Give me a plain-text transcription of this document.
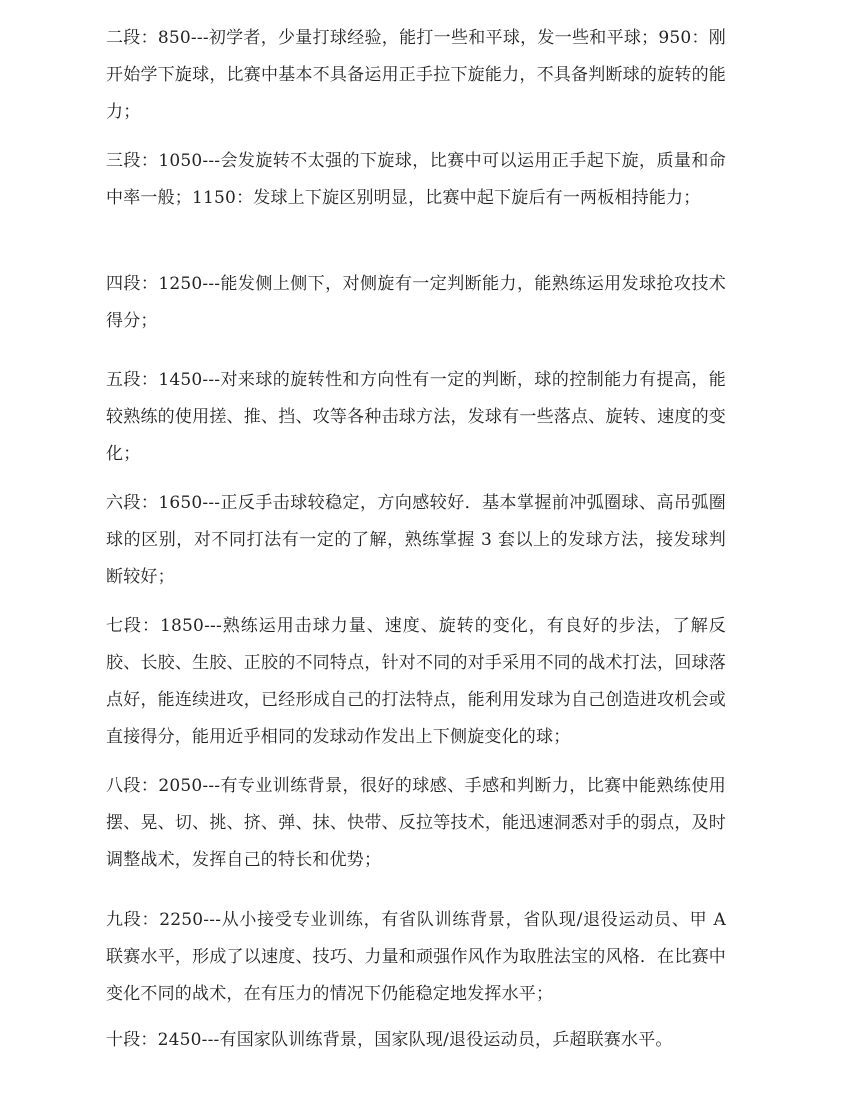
二段：850---初学者，少量打球经验，能打一些和平球，发一些和平球；950：刚开始学下旋球，比赛中基本不具备运用正手拉下旋能力，不具备判断球的旋转的能力；

三段：1050---会发旋转不太强的下旋球，比赛中可以运用正手起下旋，质量和命中率一般；1150：发球上下旋区别明显，比赛中起下旋后有一两板相持能力；

四段：1250---能发侧上侧下，对侧旋有一定判断能力，能熟练运用发球抢攻技术得分；

五段：1450---对来球的旋转性和方向性有一定的判断，球的控制能力有提高，能较熟练的使用搓、推、挡、攻等各种击球方法，发球有一些落点、旋转、速度的变化；

六段：1650---正反手击球较稳定，方向感较好．基本掌握前冲弧圈球、高吊弧圈球的区别，对不同打法有一定的了解，熟练掌握 3 套以上的发球方法，接发球判断较好；

七段：1850---熟练运用击球力量、速度、旋转的变化，有良好的步法，了解反胶、长胶、生胶、正胶的不同特点，针对不同的对手采用不同的战术打法，回球落点好，能连续进攻，已经形成自己的打法特点，能利用发球为自己创造进攻机会或直接得分，能用近乎相同的发球动作发出上下侧旋变化的球；

八段：2050---有专业训练背景，很好的球感、手感和判断力，比赛中能熟练使用摆、晃、切、挑、挤、弹、抹、快带、反拉等技术，能迅速洞悉对手的弱点，及时调整战术，发挥自己的特长和优势；

九段：2250---从小接受专业训练，有省队训练背景，省队现/退役运动员、甲 A 联赛水平，形成了以速度、技巧、力量和顽强作风作为取胜法宝的风格．在比赛中变化不同的战术，在有压力的情况下仍能稳定地发挥水平；

十段：2450---有国家队训练背景，国家队现/退役运动员，乒超联赛水平。
